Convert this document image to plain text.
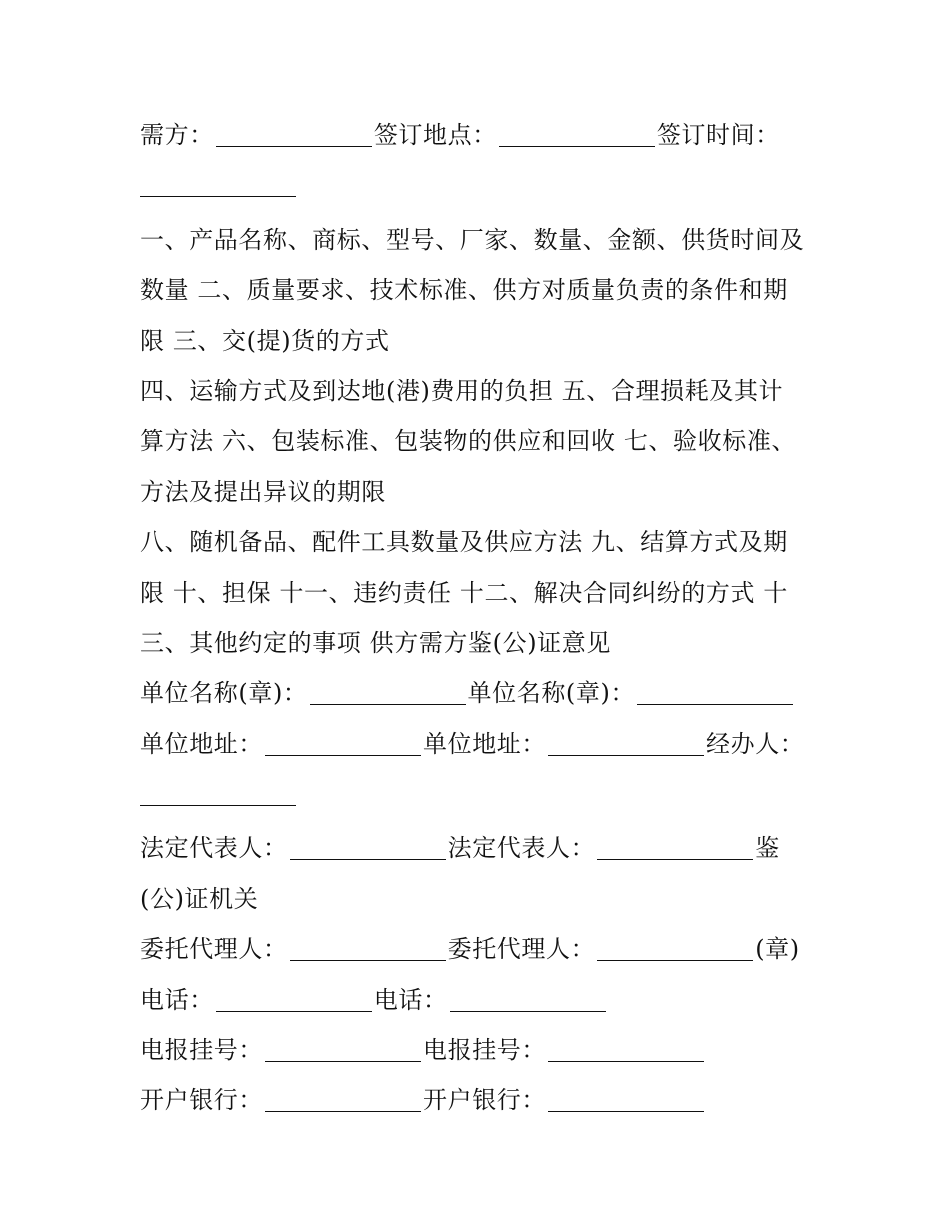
需方：	签订地点：	签订时间：
一、产品名称、商标、型号、厂家、数量、金额、供货时间及
数量 二、质量要求、技术标准、供方对质量负责的条件和期
限 三、交(提)货的方式
四、运输方式及到达地(港)费用的负担 五、合理损耗及其计
算方法 六、包装标准、包装物的供应和回收 七、验收标准、
方法及提出异议的期限
八、随机备品、配件工具数量及供应方法 九、结算方式及期
限 十、担保 十一、违约责任 十二、解决合同纠纷的方式 十
三、其他约定的事项 供方需方鉴(公)证意见
单位名称(章)：	单位名称(章)：
单位地址：	单位地址：	经办人：
法定代表人：	法定代表人：	鉴
(公)证机关
委托代理人：	委托代理人：	(章)
电话：	电话：
电报挂号：	电报挂号：
开户银行：	开户银行：
